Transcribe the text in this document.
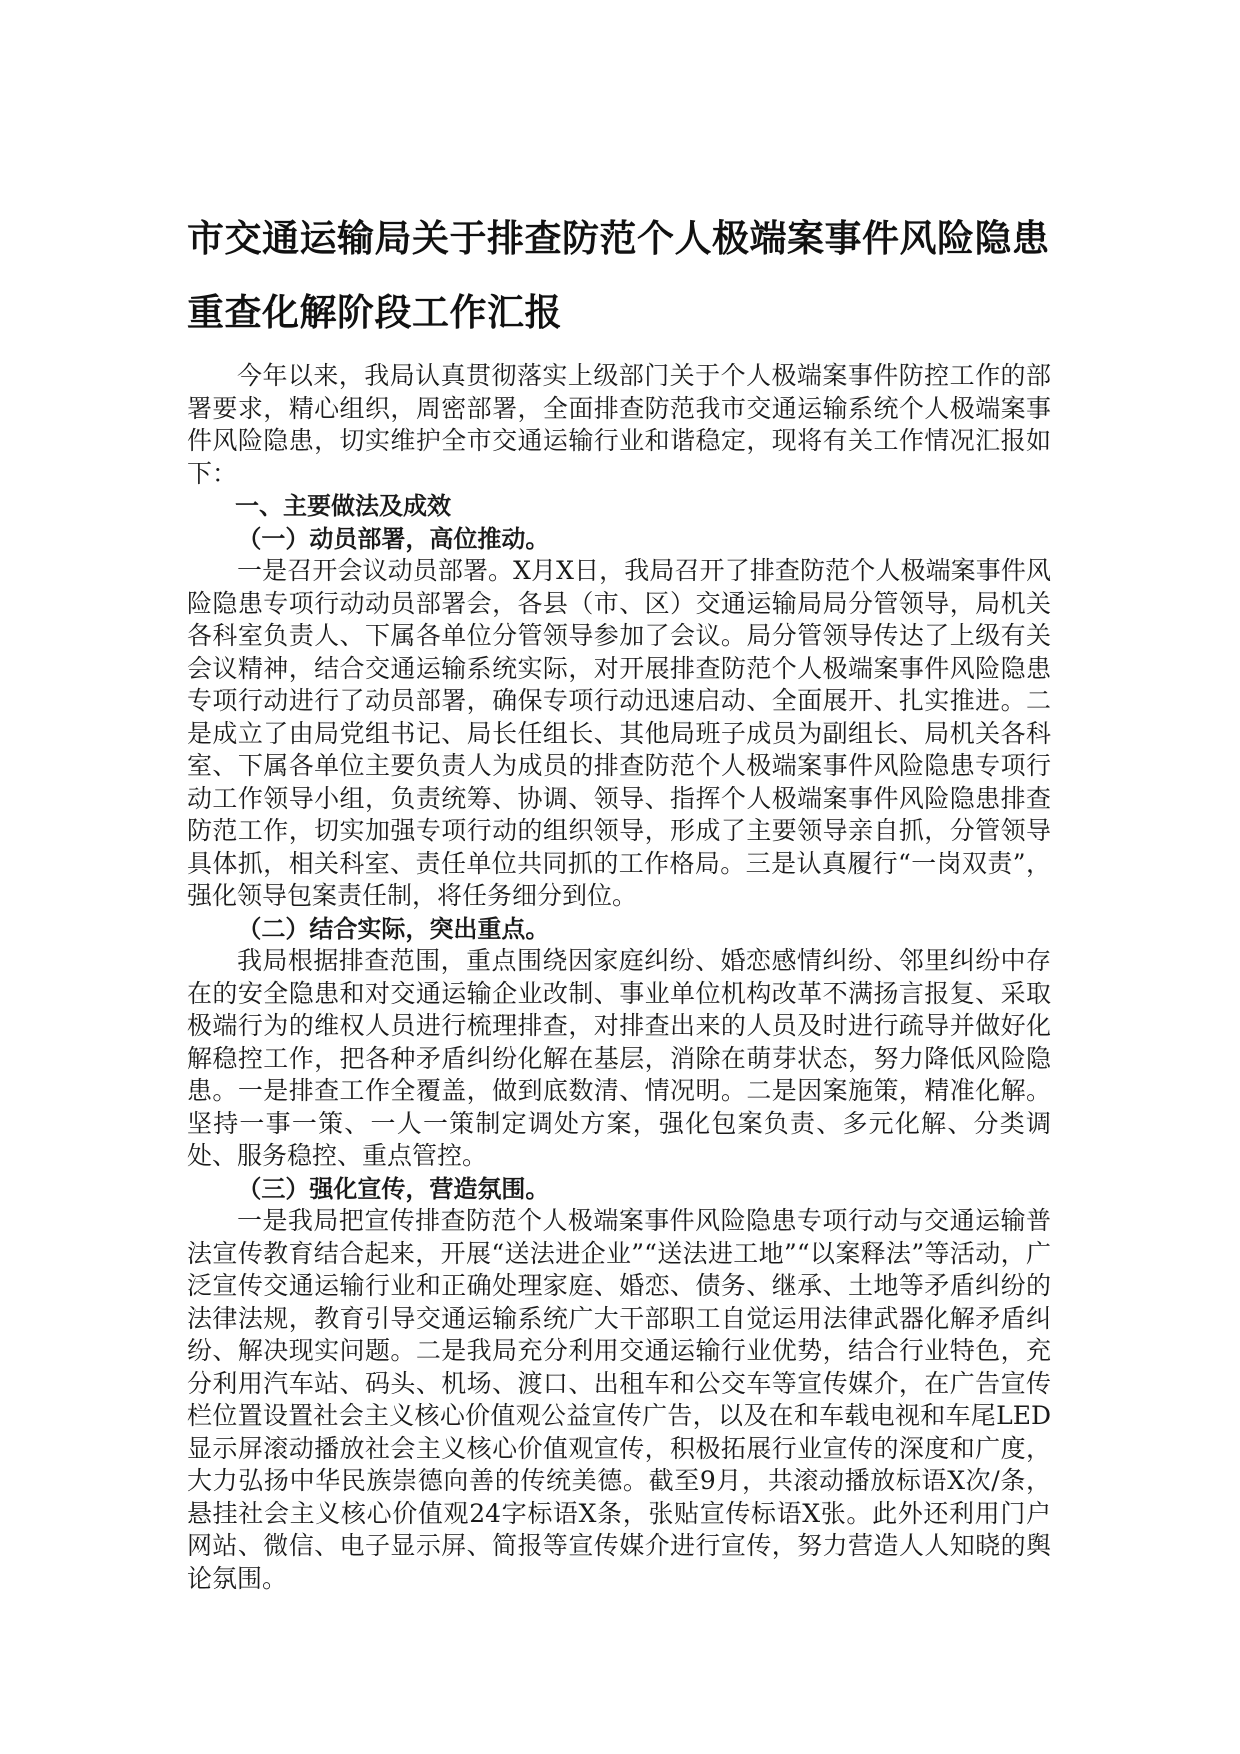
市交通运输局关于排查防范个人极端案事件风险隐患
重查化解阶段工作汇报

今年以来，我局认真贯彻落实上级部门关于个人极端案事件防控工作的部署要求，精心组织，周密部署，全面排查防范我市交通运输系统个人极端案事件风险隐患，切实维护全市交通运输行业和谐稳定，现将有关工作情况汇报如下：

一、主要做法及成效

（一）动员部署，高位推动。

一是召开会议动员部署。X月X日，我局召开了排查防范个人极端案事件风险隐患专项行动动员部署会，各县（市、区）交通运输局局分管领导，局机关各科室负责人、下属各单位分管领导参加了会议。局分管领导传达了上级有关会议精神，结合交通运输系统实际，对开展排查防范个人极端案事件风险隐患专项行动进行了动员部署，确保专项行动迅速启动、全面展开、扎实推进。二是成立了由局党组书记、局长任组长、其他局班子成员为副组长、局机关各科室、下属各单位主要负责人为成员的排查防范个人极端案事件风险隐患专项行动工作领导小组，负责统筹、协调、领导、指挥个人极端案事件风险隐患排查防范工作，切实加强专项行动的组织领导，形成了主要领导亲自抓，分管领导具体抓，相关科室、责任单位共同抓的工作格局。三是认真履行“一岗双责”，强化领导包案责任制，将任务细分到位。

（二）结合实际，突出重点。

我局根据排查范围，重点围绕因家庭纠纷、婚恋感情纠纷、邻里纠纷中存在的安全隐患和对交通运输企业改制、事业单位机构改革不满扬言报复、采取极端行为的维权人员进行梳理排查，对排查出来的人员及时进行疏导并做好化解稳控工作，把各种矛盾纠纷化解在基层，消除在萌芽状态，努力降低风险隐患。一是排查工作全覆盖，做到底数清、情况明。二是因案施策，精准化解。坚持一事一策、一人一策制定调处方案，强化包案负责、多元化解、分类调处、服务稳控、重点管控。

（三）强化宣传，营造氛围。

一是我局把宣传排查防范个人极端案事件风险隐患专项行动与交通运输普法宣传教育结合起来，开展“送法进企业”“送法进工地”“以案释法”等活动，广泛宣传交通运输行业和正确处理家庭、婚恋、债务、继承、土地等矛盾纠纷的法律法规，教育引导交通运输系统广大干部职工自觉运用法律武器化解矛盾纠纷、解决现实问题。二是我局充分利用交通运输行业优势，结合行业特色，充分利用汽车站、码头、机场、渡口、出租车和公交车等宣传媒介，在广告宣传栏位置设置社会主义核心价值观公益宣传广告，以及在和车载电视和车尾LED显示屏滚动播放社会主义核心价值观宣传，积极拓展行业宣传的深度和广度，大力弘扬中华民族崇德向善的传统美德。截至9月，共滚动播放标语X次/条，悬挂社会主义核心价值观24字标语X条，张贴宣传标语X张。此外还利用门户网站、微信、电子显示屏、简报等宣传媒介进行宣传，努力营造人人知晓的舆论氛围。
